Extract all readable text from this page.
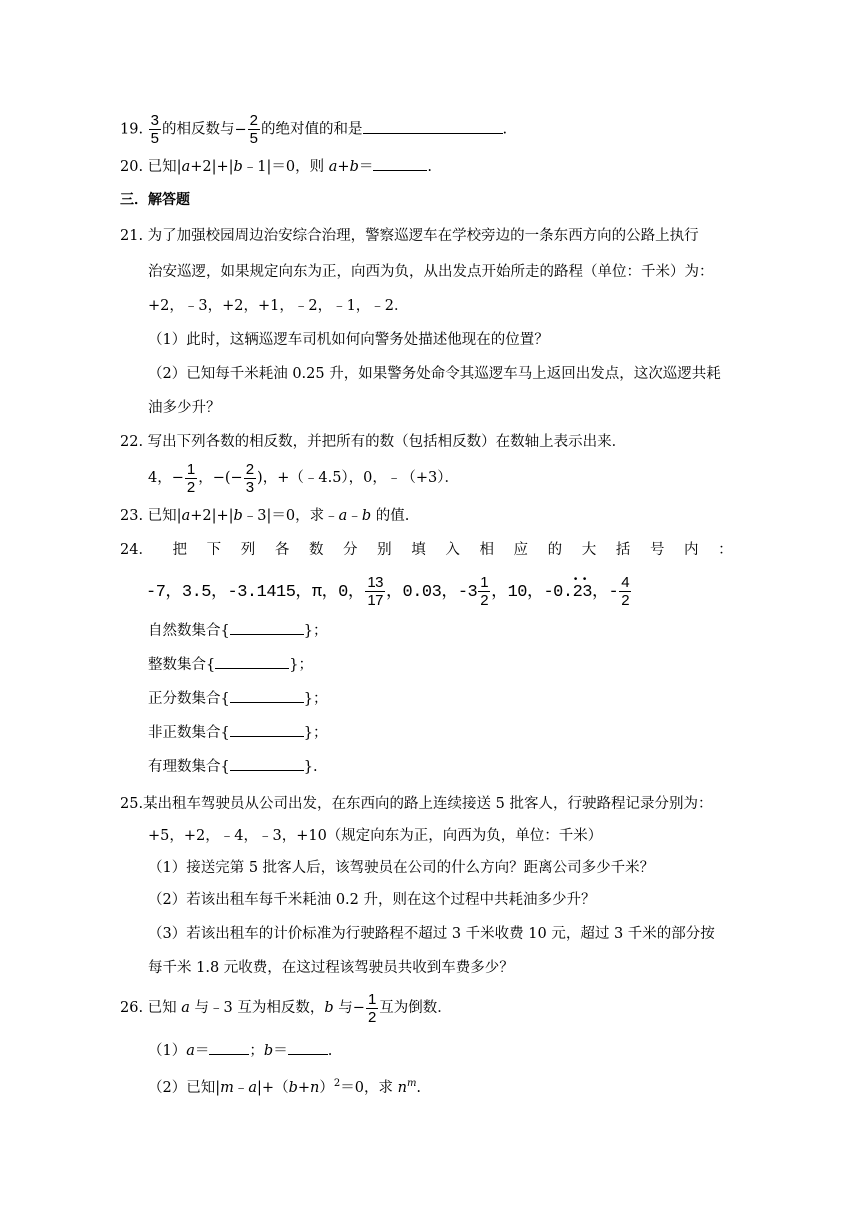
19. $\frac{3}{5}$ 的相反数与− $\frac{2}{5}$ 的绝对值的和是	.
20. 已知|a+2|+|b﹣1|＝0，则 a+b＝	.
三．解答题
21. 为了加强校园周边治安综合治理，警察巡逻车在学校旁边的一条东西方向的公路上执行
治安巡逻，如果规定向东为正，向西为负，从出发点开始所走的路程（单位：千米）为：
+2，﹣3，+2，+1，﹣2，﹣1，﹣2．
（1）此时，这辆巡逻车司机如何向警务处描述他现在的位置？
（2）已知每千米耗油 0.25 升，如果警务处命令其巡逻车马上返回出发点，这次巡逻共耗
油多少升？
22. 写出下列各数的相反数，并把所有的数（包括相反数）在数轴上表示出来．
4，− $\frac{1}{2}$ ，−(− $\frac{2}{3}$ )，+（﹣4.5），0，﹣（+3）．
23. 已知|a+2|+|b﹣3|＝0，求﹣a﹣b 的值.
24．把下列各数分别填入相应的大括号内：
-7，3.5，-3.1415，π，0， $\frac{13}{17}$ ，0.03，$-3 \frac{1}{2}$ ，10，-0.• • 23，- $\frac{4}{2}$
自然数集合{	}；
整数集合{	}；
正分数集合{	}；
非正数集合{	}；
有理数集合{	}.
25.某出租车驾驶员从公司出发，在东西向的路上连续接送 5 批客人，行驶路程记录分别为：
+5，+2，﹣4，﹣3，+10（规定向东为正，向西为负，单位：千米）
（1）接送完第 5 批客人后，该驾驶员在公司的什么方向？距离公司多少千米？
（2）若该出租车每千米耗油 0.2 升，则在这个过程中共耗油多少升？
（3）若该出租车的计价标准为行驶路程不超过 3 千米收费 10 元，超过 3 千米的部分按
每千米 1.8 元收费，在这过程该驾驶员共收到车费多少？
26. 已知 a 与﹣3 互为相反数，b 与− $\frac{1}{2}$ 互为倒数．
（1）a＝	；b＝	.
（2）已知$|m﹣a|+(b+n)^2=0$，求 $n^m$.
